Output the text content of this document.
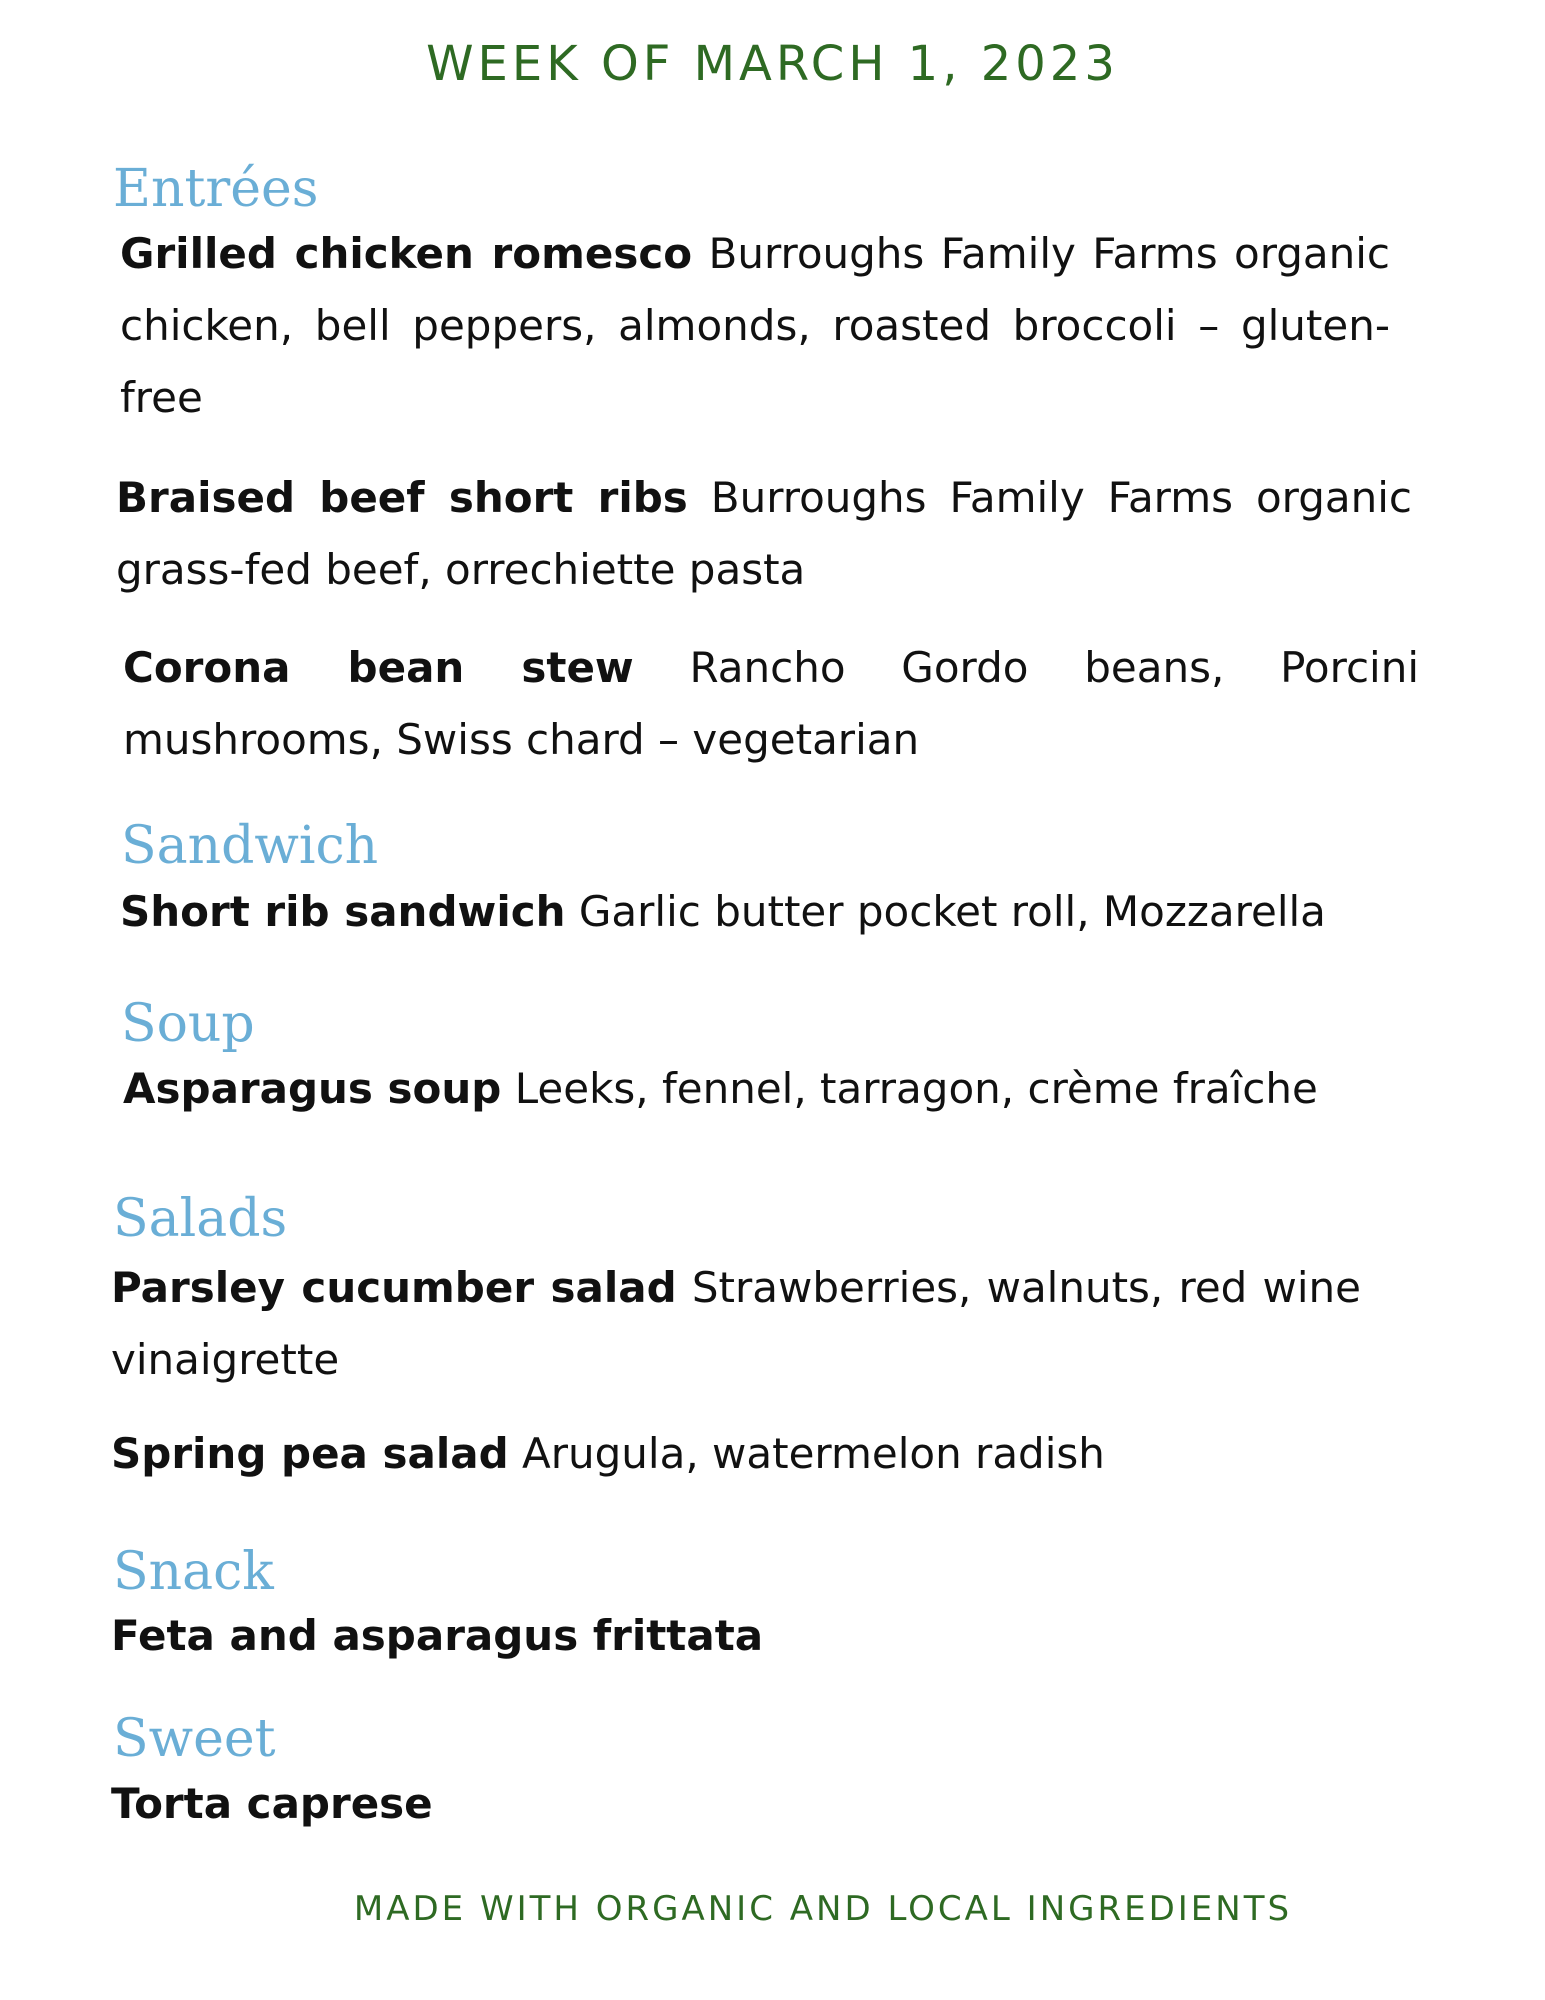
WEEK OF MARCH 1, 2023
Entrées

Grilled chicken romesco Burroughs Family Farms organic chicken, bell peppers, almonds, roasted broccoli – gluten-free

Braised beef short ribs Burroughs Family Farms organic grass-fed beef, orrechiette pasta

Corona bean stew Rancho Gordo beans, Porcini mushrooms, Swiss chard – vegetarian

Sandwich

Short rib sandwich Garlic butter pocket roll, Mozzarella

Soup

Asparagus soup Leeks, fennel, tarragon, crème fraîche

Salads

Parsley cucumber salad Strawberries, walnuts, red wine vinaigrette

Spring pea salad Arugula, watermelon radish

Snack

Feta and asparagus frittata

Sweet

Torta caprese

MADE WITH ORGANIC AND LOCAL INGREDIENTS
